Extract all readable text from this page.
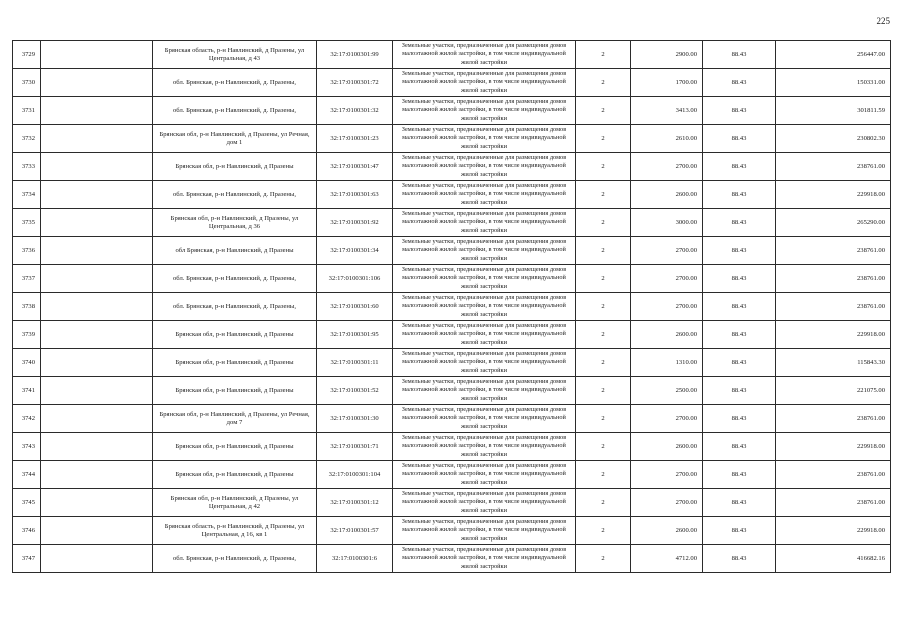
225
3729		Брянская область, р-н Навлинский, д Празены, ул Центральная, д 43	32:17:0100301:99	Земельные участки, предназначенные для размещения домов малоэтажной жилой застройки, в том числе индивидуальной жилой застройки	2	2900.00	88.43	256447.00
3730		обл. Брянская, р-н Навлинский, д. Празены,	32:17:0100301:72	Земельные участки, предназначенные для размещения домов малоэтажной жилой застройки, в том числе индивидуальной жилой застройки	2	1700.00	88.43	150331.00
3731		обл. Брянская, р-н Навлинский, д. Празены,	32:17:0100301:32	Земельные участки, предназначенные для размещения домов малоэтажной жилой застройки, в том числе индивидуальной жилой застройки	2	3413.00	88.43	301811.59
3732		Брянская обл, р-н Навлинский, д Празены, ул Речная, дом 1	32:17:0100301:23	Земельные участки, предназначенные для размещения домов малоэтажной жилой застройки, в том числе индивидуальной жилой застройки	2	2610.00	88.43	230802.30
3733		Брянская обл, р-н Навлинский, д Празены	32:17:0100301:47	Земельные участки, предназначенные для размещения домов малоэтажной жилой застройки, в том числе индивидуальной жилой застройки	2	2700.00	88.43	238761.00
3734		обл. Брянская, р-н Навлинский, д. Празены,	32:17:0100301:63	Земельные участки, предназначенные для размещения домов малоэтажной жилой застройки, в том числе индивидуальной жилой застройки	2	2600.00	88.43	229918.00
3735		Брянская обл, р-н Навлинский, д Празены, ул Центральная, д 36	32:17:0100301:92	Земельные участки, предназначенные для размещения домов малоэтажной жилой застройки, в том числе индивидуальной жилой застройки	2	3000.00	88.43	265290.00
3736		обл Брянская, р-н Навлинский, д Празены	32:17:0100301:34	Земельные участки, предназначенные для размещения домов малоэтажной жилой застройки, в том числе индивидуальной жилой застройки	2	2700.00	88.43	238761.00
3737		обл. Брянская, р-н Навлинский, д. Празены,	32:17:0100301:106	Земельные участки, предназначенные для размещения домов малоэтажной жилой застройки, в том числе индивидуальной жилой застройки	2	2700.00	88.43	238761.00
3738		обл. Брянская, р-н Навлинский, д. Празены,	32:17:0100301:60	Земельные участки, предназначенные для размещения домов малоэтажной жилой застройки, в том числе индивидуальной жилой застройки	2	2700.00	88.43	238761.00
3739		Брянская обл, р-н Навлинский, д Празены	32:17:0100301:95	Земельные участки, предназначенные для размещения домов малоэтажной жилой застройки, в том числе индивидуальной жилой застройки	2	2600.00	88.43	229918.00
3740		Брянская обл, р-н Навлинский, д Празены	32:17:0100301:11	Земельные участки, предназначенные для размещения домов малоэтажной жилой застройки, в том числе индивидуальной жилой застройки	2	1310.00	88.43	115843.30
3741		Брянская обл, р-н Навлинский, д Празены	32:17:0100301:52	Земельные участки, предназначенные для размещения домов малоэтажной жилой застройки, в том числе индивидуальной жилой застройки	2	2500.00	88.43	221075.00
3742		Брянская обл, р-н Навлинский, д Празены, ул Речная, дом 7	32:17:0100301:30	Земельные участки, предназначенные для размещения домов малоэтажной жилой застройки, в том числе индивидуальной жилой застройки	2	2700.00	88.43	238761.00
3743		Брянская обл, р-н Навлинский, д Празены	32:17:0100301:71	Земельные участки, предназначенные для размещения домов малоэтажной жилой застройки, в том числе индивидуальной жилой застройки	2	2600.00	88.43	229918.00
3744		Брянская обл, р-н Навлинский, д Празены	32:17:0100301:104	Земельные участки, предназначенные для размещения домов малоэтажной жилой застройки, в том числе индивидуальной жилой застройки	2	2700.00	88.43	238761.00
3745		Брянская обл, р-н Навлинский, д Празены, ул Центральная, д 42	32:17:0100301:12	Земельные участки, предназначенные для размещения домов малоэтажной жилой застройки, в том числе индивидуальной жилой застройки	2	2700.00	88.43	238761.00
3746		Брянская область, р-н Навлинский, д Празены, ул Центральная, д 16, кв 1	32:17:0100301:57	Земельные участки, предназначенные для размещения домов малоэтажной жилой застройки, в том числе индивидуальной жилой застройки	2	2600.00	88.43	229918.00
3747		обл. Брянская, р-н Навлинский, д. Празены,	32:17:0100301:6	Земельные участки, предназначенные для размещения домов малоэтажной жилой застройки, в том числе индивидуальной жилой застройки	2	4712.00	88.43	416682.16
